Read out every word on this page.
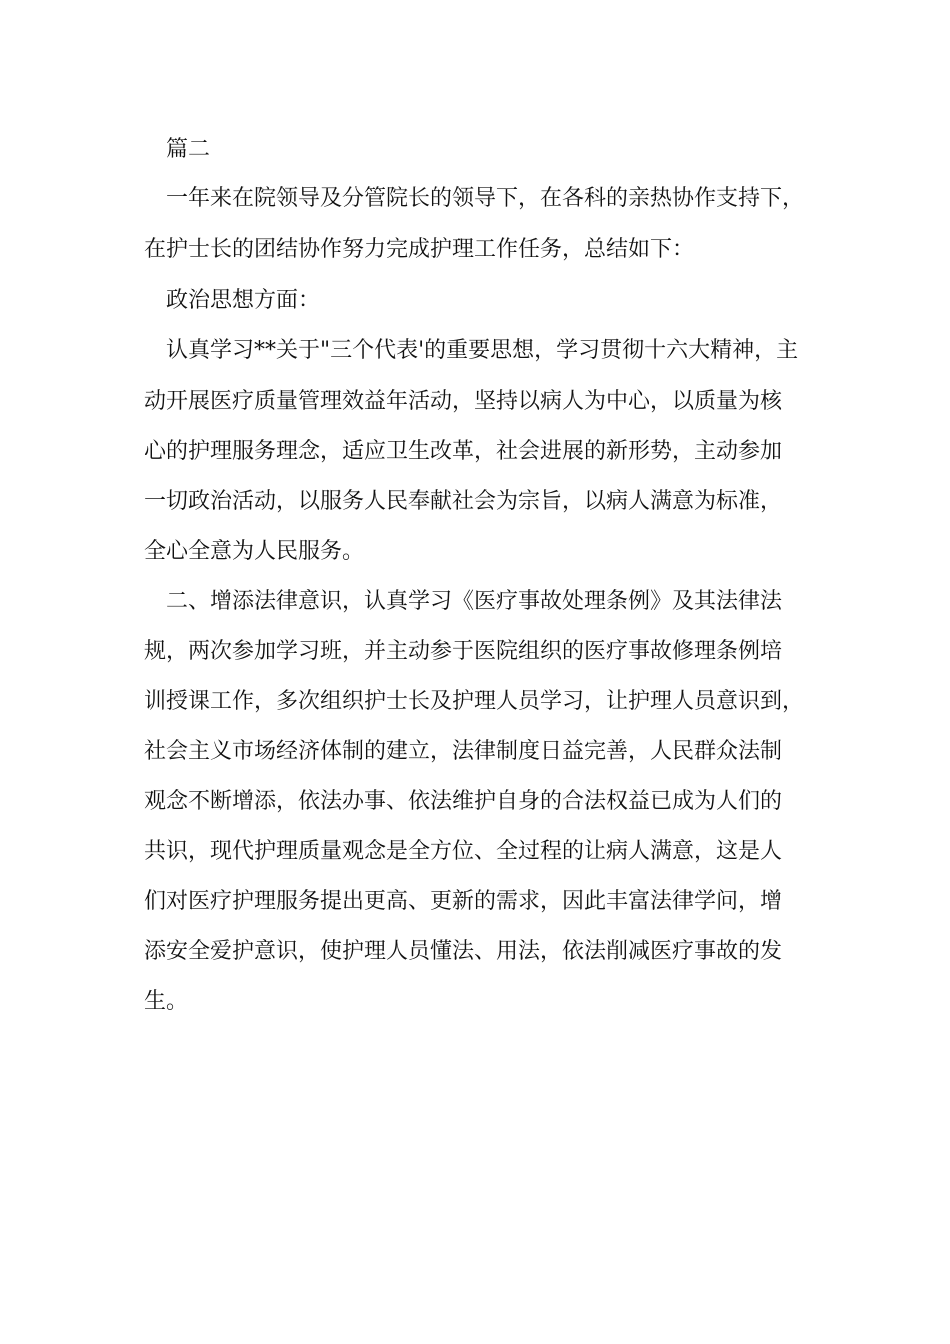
篇二
一年来在院领导及分管院长的领导下，在各科的亲热协作支持下，
在护士长的团结协作努力完成护理工作任务，总结如下：
政治思想方面：
认真学习**关于"三个代表'的重要思想，学习贯彻十六大精神，主
动开展医疗质量管理效益年活动，坚持以病人为中心，以质量为核
心的护理服务理念，适应卫生改革，社会进展的新形势，主动参加
一切政治活动，以服务人民奉献社会为宗旨，以病人满意为标准，
全心全意为人民服务。
二、增添法律意识，认真学习《医疗事故处理条例》及其法律法
规，两次参加学习班，并主动参于医院组织的医疗事故修理条例培
训授课工作，多次组织护士长及护理人员学习，让护理人员意识到，
社会主义市场经济体制的建立，法律制度日益完善，人民群众法制
观念不断增添，依法办事、依法维护自身的合法权益已成为人们的
共识，现代护理质量观念是全方位、全过程的让病人满意，这是人
们对医疗护理服务提出更高、更新的需求，因此丰富法律学问，增
添安全爱护意识，使护理人员懂法、用法，依法削减医疗事故的发
生。
